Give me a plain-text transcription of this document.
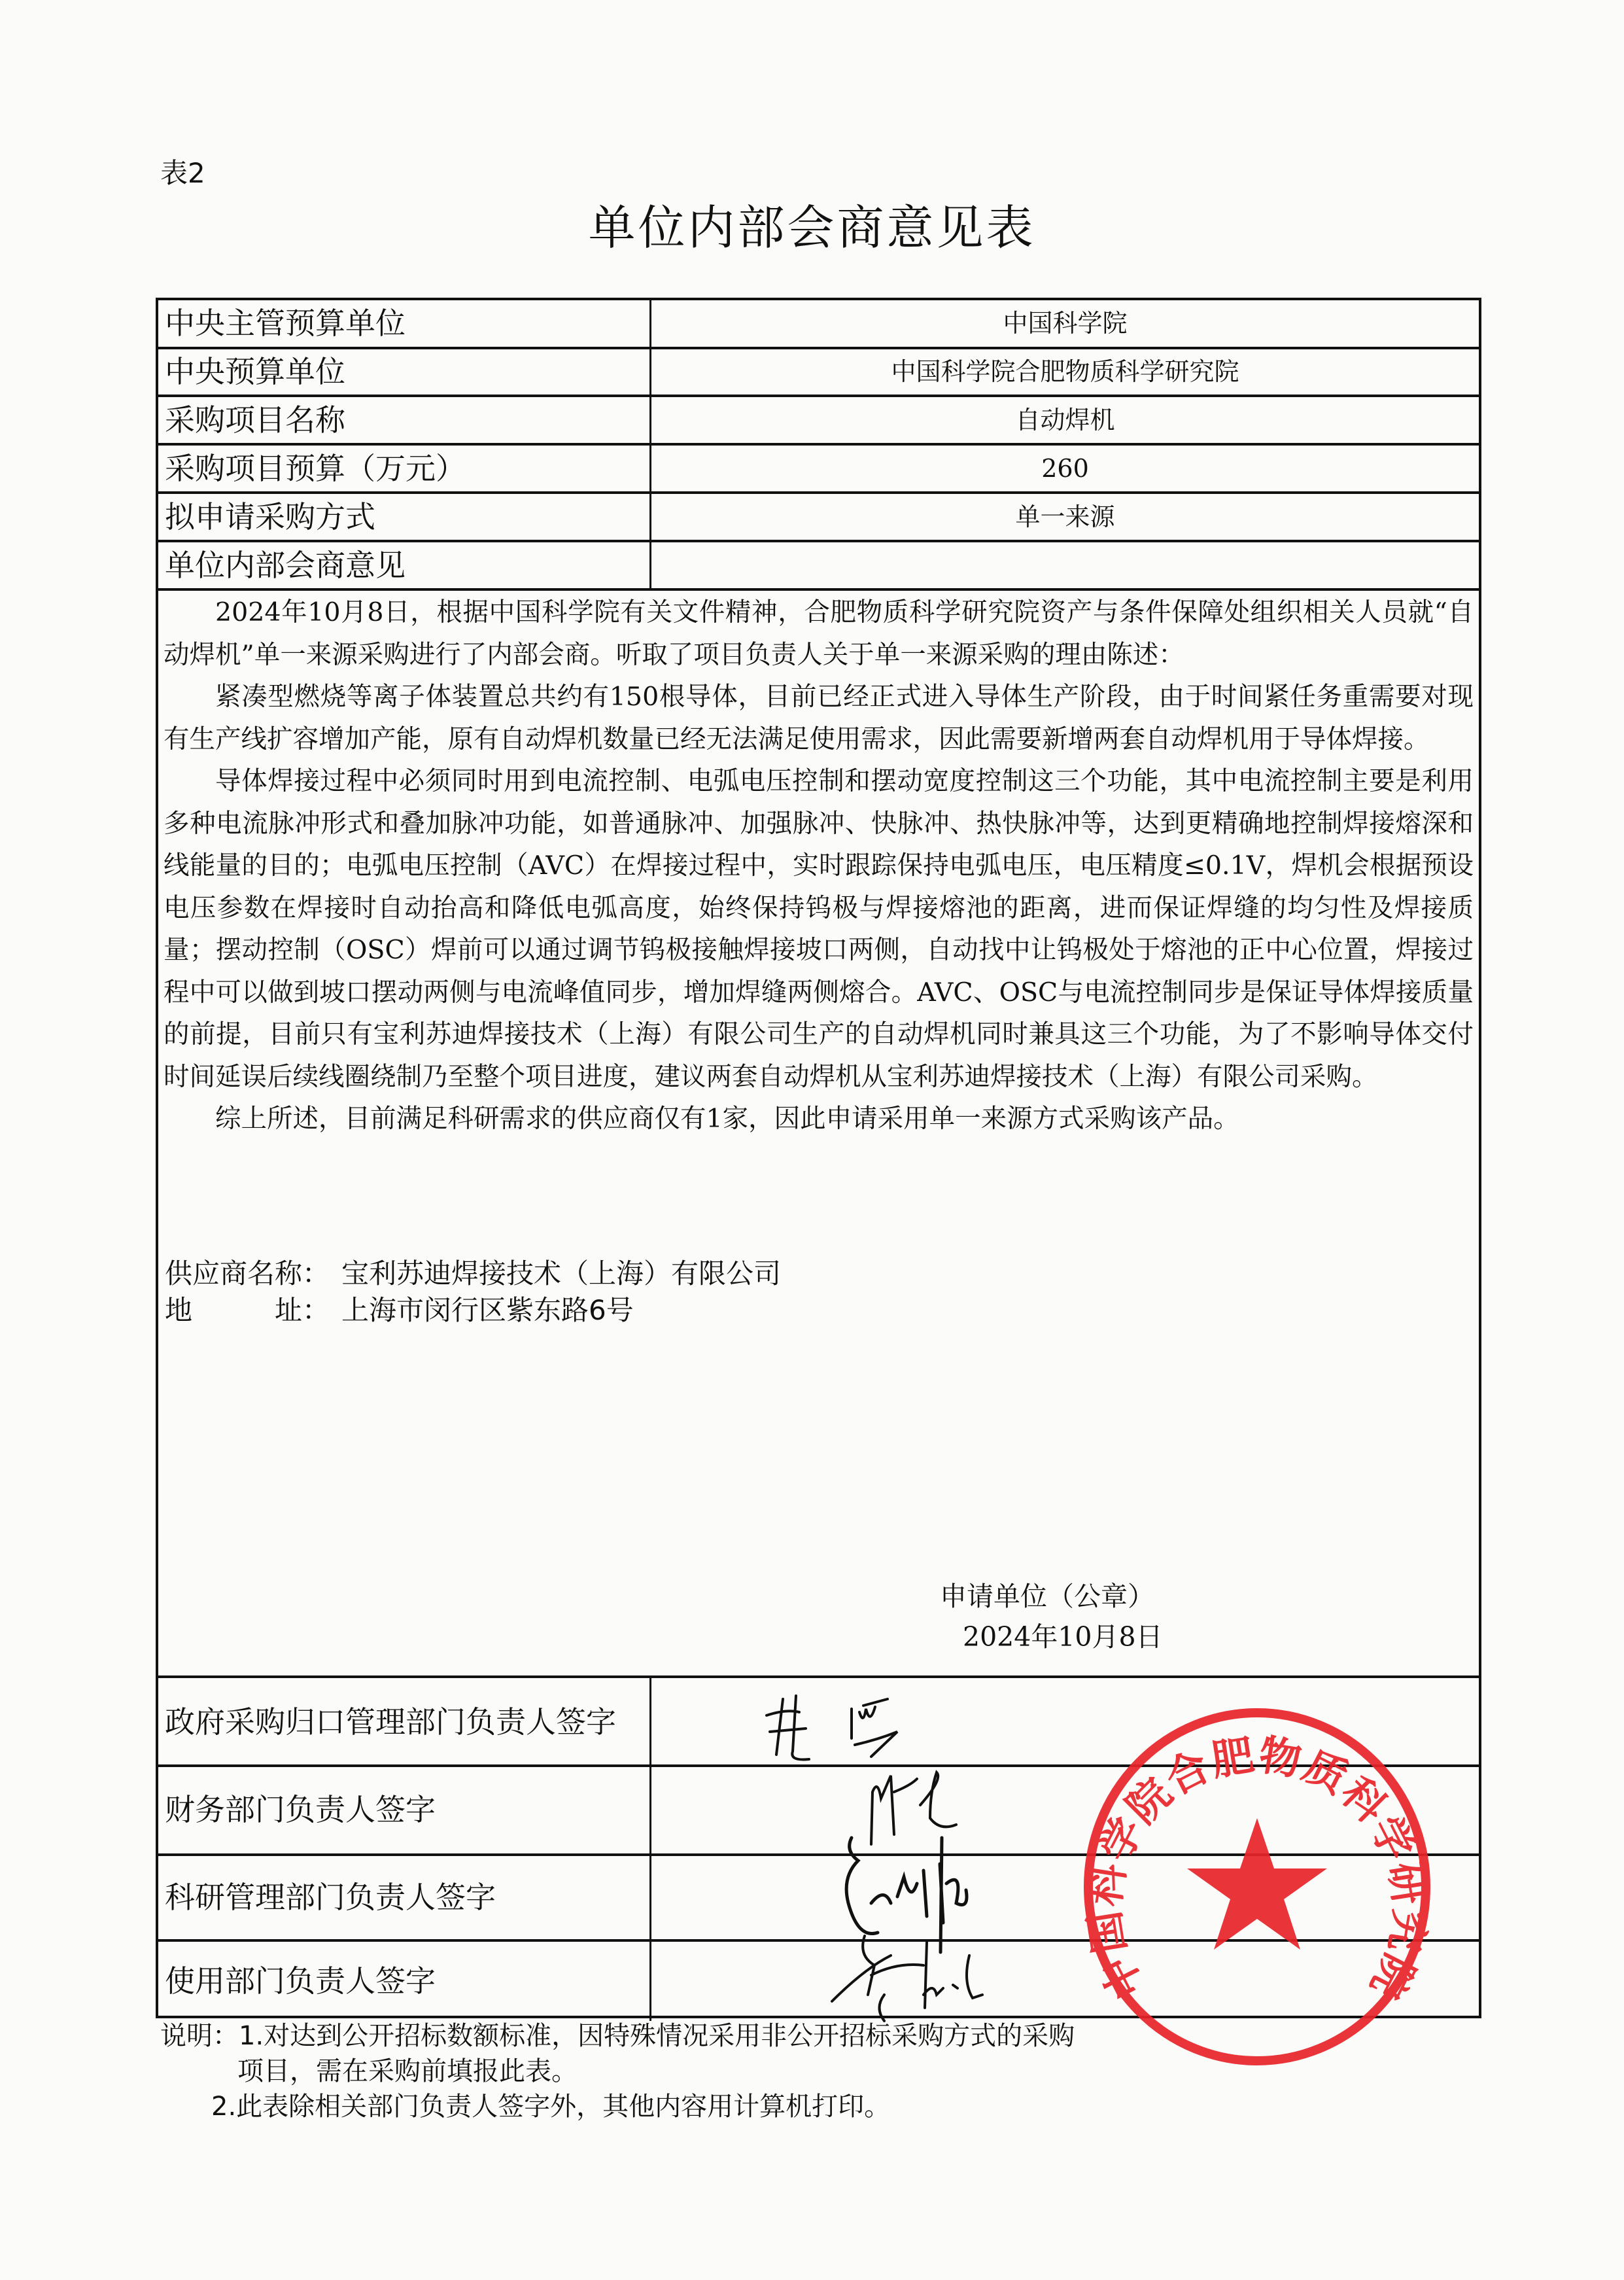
表2
单位内部会商意见表
中央主管预算单位	中国科学院
中央预算单位	中国科学院合肥物质科学研究院
采购项目名称	自动焊机
采购项目预算（万元）	260
拟申请采购方式	单一来源
单位内部会商意见

2024年10月8日，根据中国科学院有关文件精神，合肥物质科学研究院资产与条件保障处组织相关人员就“自动焊机”单一来源采购进行了内部会商。听取了项目负责人关于单一来源采购的理由陈述：

紧凑型燃烧等离子体装置总共约有150根导体，目前已经正式进入导体生产阶段，由于时间紧任务重需要对现有生产线扩容增加产能，原有自动焊机数量已经无法满足使用需求，因此需要新增两套自动焊机用于导体焊接。

导体焊接过程中必须同时用到电流控制、电弧电压控制和摆动宽度控制这三个功能，其中电流控制主要是利用多种电流脉冲形式和叠加脉冲功能，如普通脉冲、加强脉冲、快脉冲、热快脉冲等，达到更精确地控制焊接熔深和线能量的目的；电弧电压控制（AVC）在焊接过程中，实时跟踪保持电弧电压，电压精度≤0.1V，焊机会根据预设电压参数在焊接时自动抬高和降低电弧高度，始终保持钨极与焊接熔池的距离，进而保证焊缝的均匀性及焊接质量；摆动控制（OSC）焊前可以通过调节钨极接触焊接坡口两侧，自动找中让钨极处于熔池的正中心位置，焊接过程中可以做到坡口摆动两侧与电流峰值同步，增加焊缝两侧熔合。AVC、OSC与电流控制同步是保证导体焊接质量的前提，目前只有宝利苏迪焊接技术（上海）有限公司生产的自动焊机同时兼具这三个功能，为了不影响导体交付时间延误后续线圈绕制乃至整个项目进度，建议两套自动焊机从宝利苏迪焊接技术（上海）有限公司采购。

综上所述，目前满足科研需求的供应商仅有1家，因此申请采用单一来源方式采购该产品。

供应商名称： 宝利苏迪焊接技术（上海）有限公司
地　　　址： 上海市闵行区紫东路6号
中国科学院合肥物质科学研究院
申请单位（公章）
2024年10月8日
政府采购归口管理部门负责人签字
财务部门负责人签字
科研管理部门负责人签字
使用部门负责人签字
说明：1.对达到公开招标数额标准，因特殊情况采用非公开招标采购方式的采购
项目，需在采购前填报此表。
2.此表除相关部门负责人签字外，其他内容用计算机打印。
